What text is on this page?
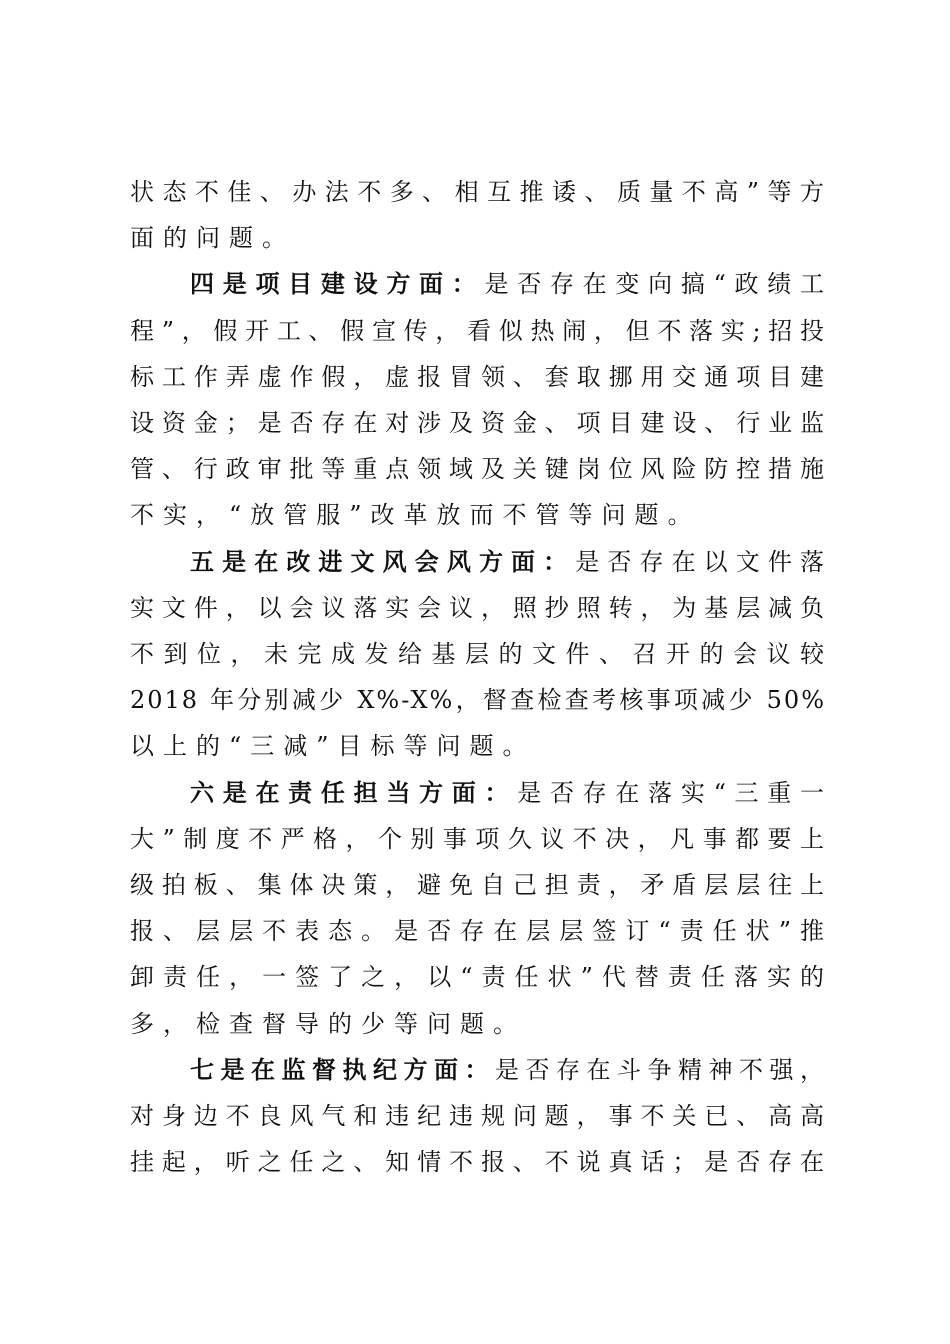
状态不佳、办法不多、相互推诿、质量不高”等方
面的问题。
四是项目建设方面：是否存在变向搞“政绩工
程”，假开工、假宣传，看似热闹，但不落实;招投
标工作弄虚作假，虚报冒领、套取挪用交通项目建
设资金；是否存在对涉及资金、项目建设、行业监
管、行政审批等重点领域及关键岗位风险防控措施
不实，“放管服”改革放而不管等问题。
五是在改进文风会风方面：是否存在以文件落
实文件，以会议落实会议，照抄照转，为基层减负
不到位，未完成发给基层的文件、召开的会议较
2018 年分别减少 X%-X%，督查检查考核事项减少 50%
以上的“三减”目标等问题。
六是在责任担当方面：是否存在落实“三重一
大”制度不严格，个别事项久议不决，凡事都要上
级拍板、集体决策，避免自己担责，矛盾层层往上
报、层层不表态。是否存在层层签订“责任状”推
卸责任，一签了之，以“责任状”代替责任落实的
多，检查督导的少等问题。
七是在监督执纪方面：是否存在斗争精神不强，
对身边不良风气和违纪违规问题，事不关已、高高
挂起，听之任之、知情不报、不说真话；是否存在
